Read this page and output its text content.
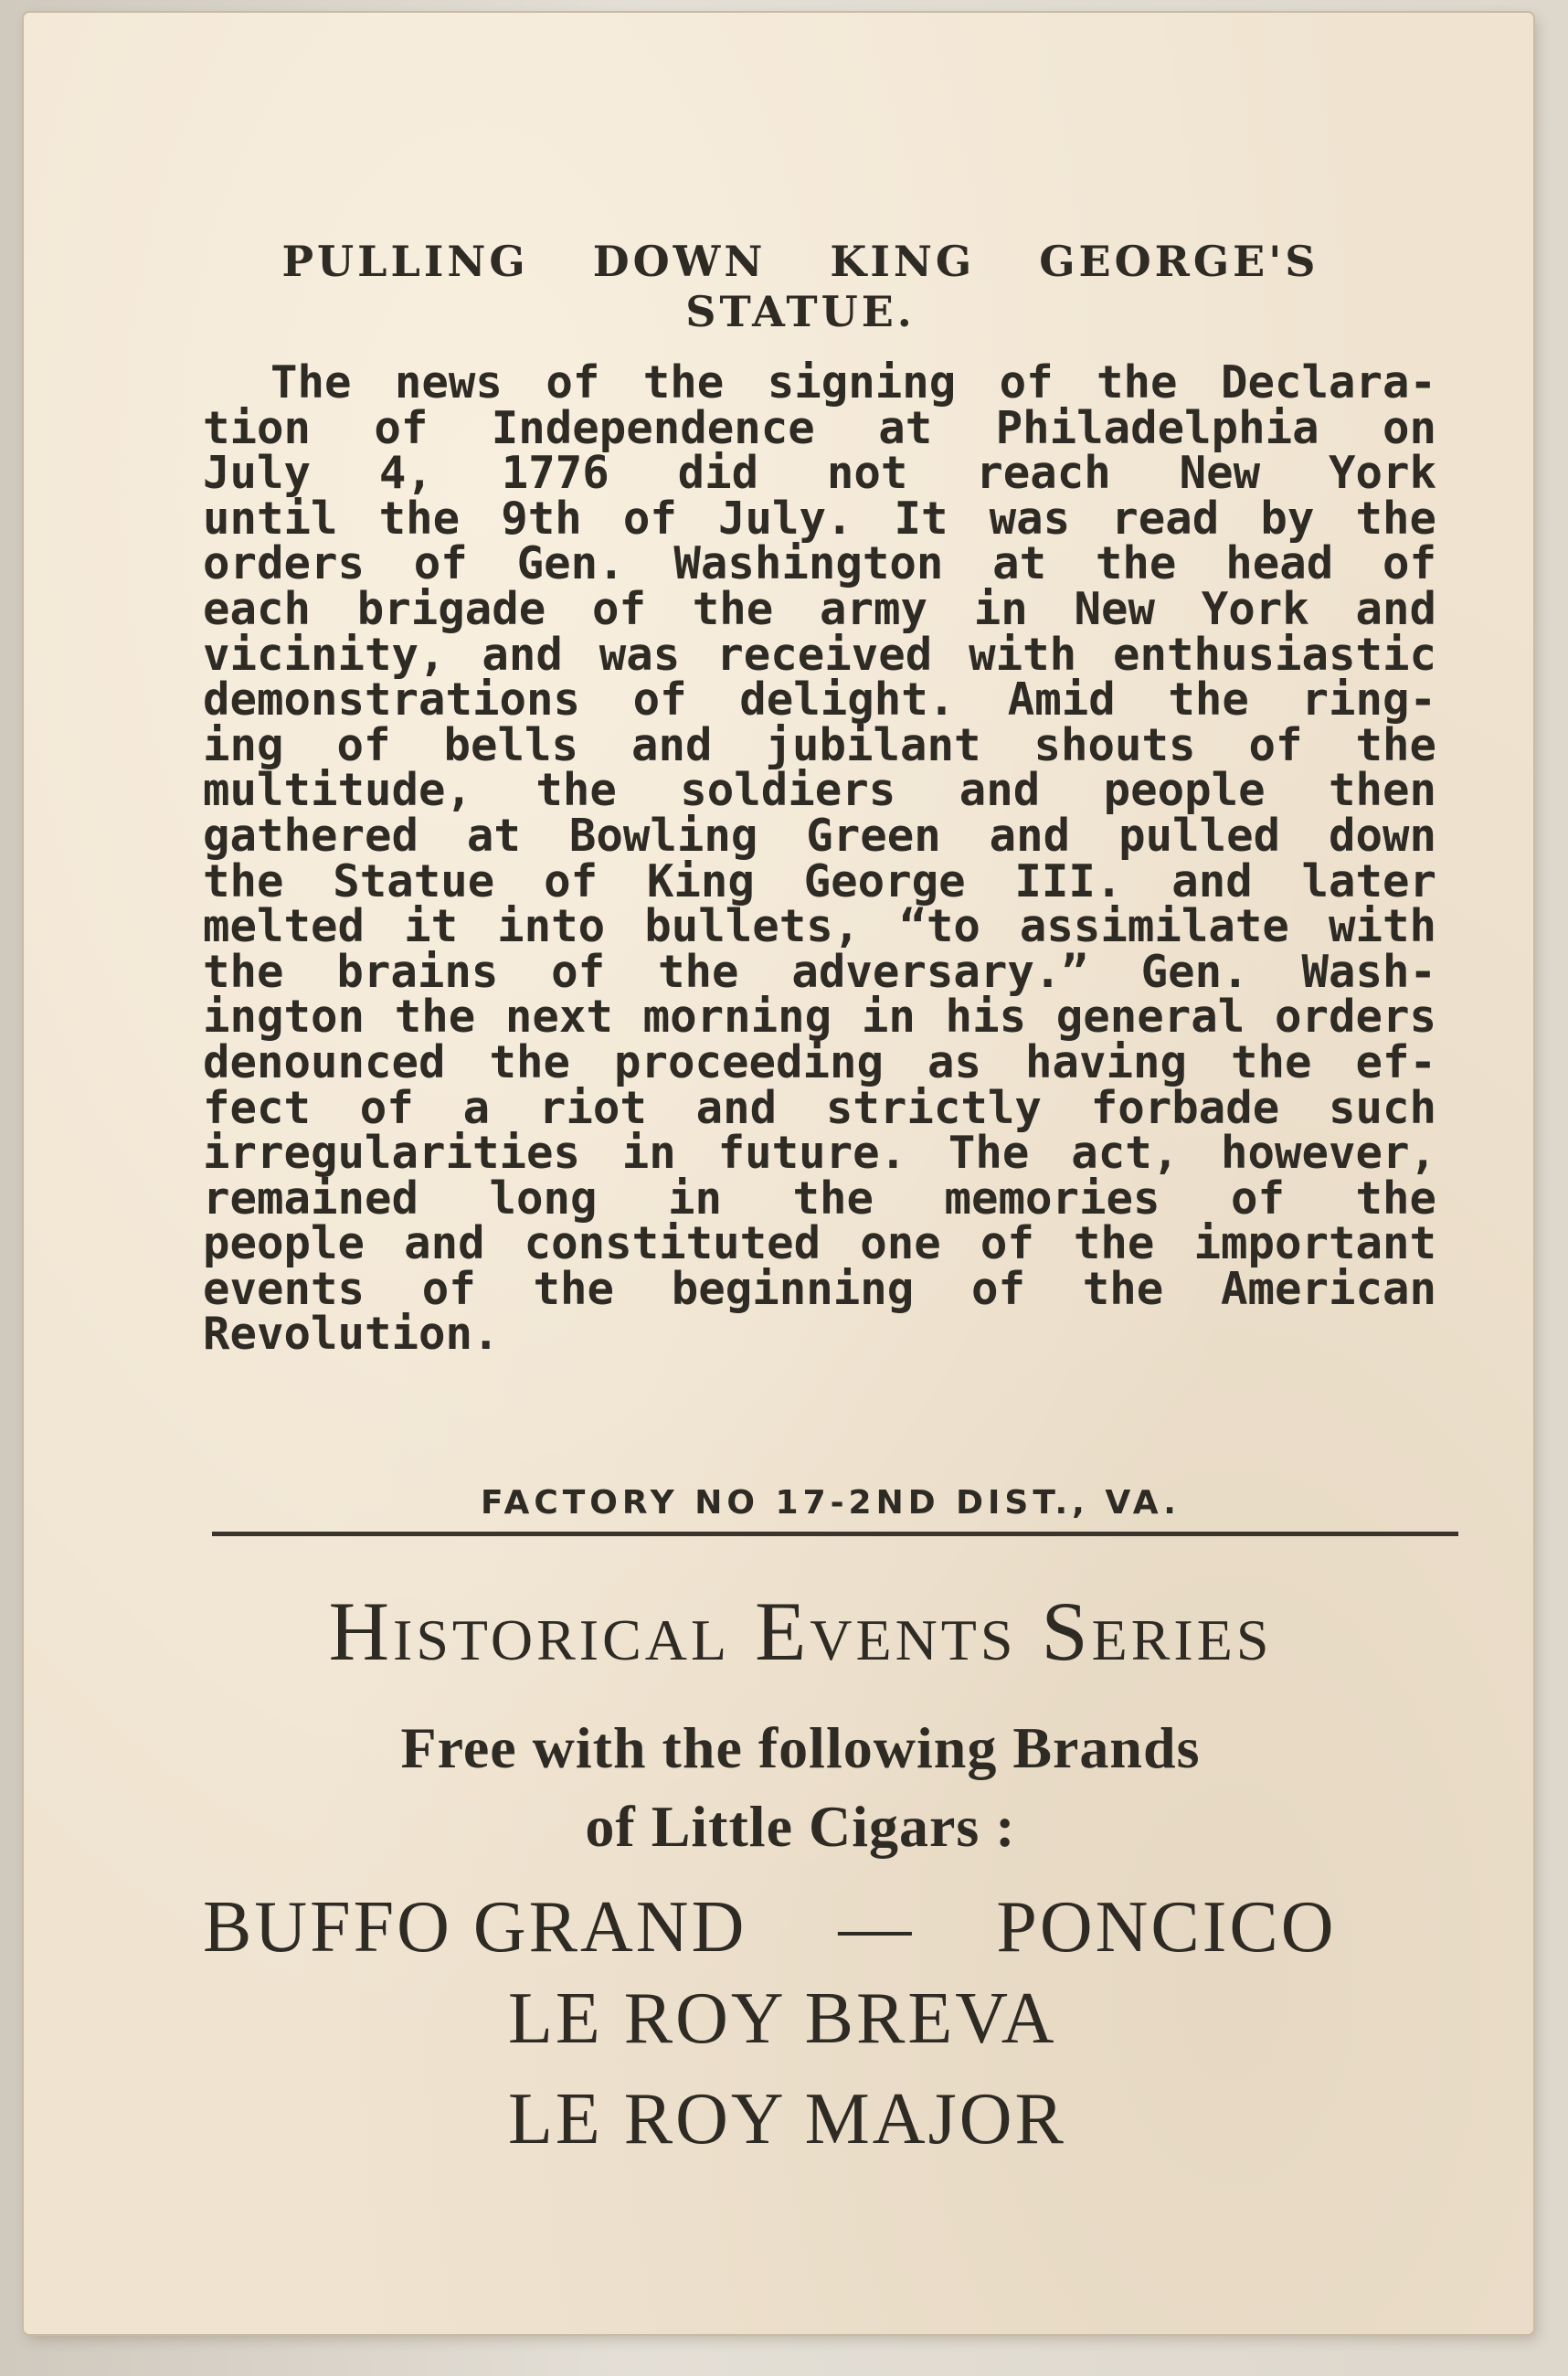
PULLING DOWN KING GEORGE'S
STATUE.
The news of the signing of the Declara-
tion of Independence at Philadelphia on
July 4, 1776 did not reach New York
until the 9th of July. It was read by the
orders of Gen. Washington at the head of
each brigade of the army in New York and
vicinity, and was received with enthusiastic
demonstrations of delight. Amid the ring-
ing of bells and jubilant shouts of the
multitude, the soldiers and people then
gathered at Bowling Green and pulled down
the Statue of King George III. and later
melted it into bullets, “to assimilate with
the brains of the adversary.” Gen. Wash-
ington the next morning in his general orders
denounced the proceeding as having the ef-
fect of a riot and strictly forbade such
irregularities in future. The act, however,
remained long in the memories of the
people and constituted one of the important
events of the beginning of the American
Revolution.
FACTORY NO 17-2ND DIST., VA.
Historical Events Series
Free with the following Brands
of Little Cigars :
BUFFO GRAND — PONCICO
LE ROY BREVA
LE ROY MAJOR
